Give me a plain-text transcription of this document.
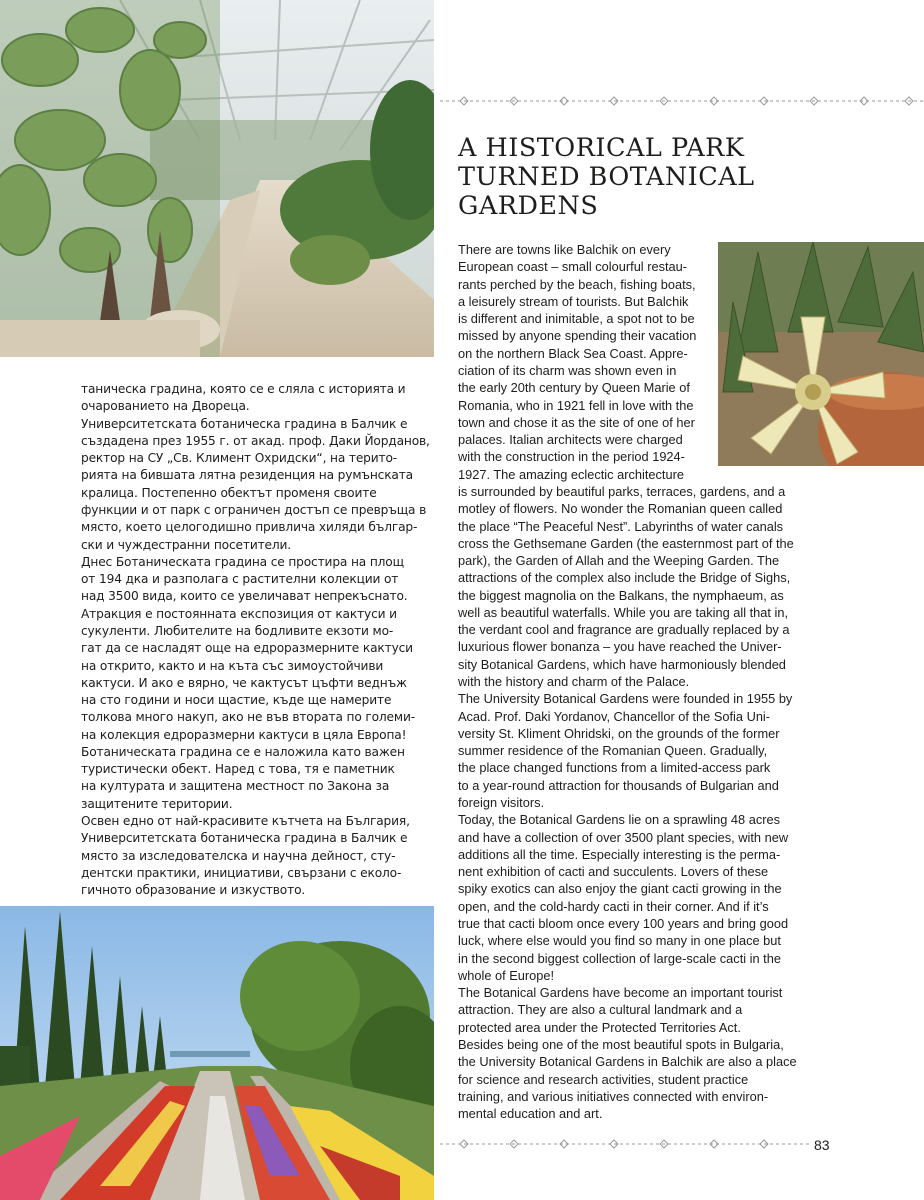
A HISTORICAL PARK
TURNED BOTANICAL
GARDENS
таническа градина, която се е сляла с историята и
очарованието на Двореца.
Университетската ботаническа градина в Балчик е
създадена през 1955 г. от акад. проф. Даки Йорданов,
ректор на СУ „Св. Климент Охридски“, на терито-
рията на бившата лятна резиденция на румънската
кралица. Постепенно обектът променя своите
функции и от парк с ограничен достъп се превръща в
място, което целогодишно привлича хиляди българ-
ски и чуждестранни посетители.
Днес Ботаническата градина се простира на площ
от 194 дка и разполага с растителни колекции от
над 3500 вида, които се увеличават непрекъснато.
Атракция е постоянната експозиция от кактуси и
сукуленти. Любителите на бодливите екзоти мо-
гат да се насладят още на едроразмерните кактуси
на открито, както и на къта със зимоустойчиви
кактуси. И ако е вярно, че кактусът цъфти веднъж
на сто години и носи щастие, къде ще намерите
толкова много накуп, ако не във втората по големи-
на колекция едроразмерни кактуси в цяла Европа!
Ботаническата градина се е наложила като важен
туристически обект. Наред с това, тя е паметник
на културата и защитена местност по Закона за
защитените територии.
Освен едно от най-красивите кътчета на България,
Университетската ботаническа градина в Балчик е
място за изследователска и научна дейност, сту-
дентски практики, инициативи, свързани с еколо-
гичното образование и изкуството.
There are towns like Balchik on every
European coast – small colourful restau-
rants perched by the beach, fishing boats,
a leisurely stream of tourists. But Balchik
is different and inimitable, a spot not to be
missed by anyone spending their vacation
on the northern Black Sea Coast. Appre-
ciation of its charm was shown even in
the early 20th century by Queen Marie of
Romania, who in 1921 fell in love with the
town and chose it as the site of one of her
palaces. Italian architects were charged
with the construction in the period 1924-
1927. The amazing eclectic architecture
is surrounded by beautiful parks, terraces, gardens, and a
motley of flowers. No wonder the Romanian queen called
the place “The Peaceful Nest”. Labyrinths of water canals
cross the Gethsemane Garden (the easternmost part of the
park), the Garden of Allah and the Weeping Garden. The
attractions of the complex also include the Bridge of Sighs,
the biggest magnolia on the Balkans, the nymphaeum, as
well as beautiful waterfalls. While you are taking all that in,
the verdant cool and fragrance are gradually replaced by a
luxurious flower bonanza – you have reached the Univer-
sity Botanical Gardens, which have harmoniously blended
with the history and charm of the Palace.
The University Botanical Gardens were founded in 1955 by
Acad. Prof. Daki Yordanov, Chancellor of the Sofia Uni-
versity St. Kliment Ohridski, on the grounds of the former
summer residence of the Romanian Queen. Gradually,
the place changed functions from a limited-access park
to a year-round attraction for thousands of Bulgarian and
foreign visitors.
Today, the Botanical Gardens lie on a sprawling 48 acres
and have a collection of over 3500 plant species, with new
additions all the time. Especially interesting is the perma-
nent exhibition of cacti and succulents. Lovers of these
spiky exotics can also enjoy the giant cacti growing in the
open, and the cold-hardy cacti in their corner. And if it’s
true that cacti bloom once every 100 years and bring good
luck, where else would you find so many in one place but
in the second biggest collection of large-scale cacti in the
whole of Europe!
The Botanical Gardens have become an important tourist
attraction. They are also a cultural landmark and a
protected area under the Protected Territories Act.
Besides being one of the most beautiful spots in Bulgaria,
the University Botanical Gardens in Balchik are also a place
for science and research activities, student practice
training, and various initiatives connected with environ-
mental education and art.
83
